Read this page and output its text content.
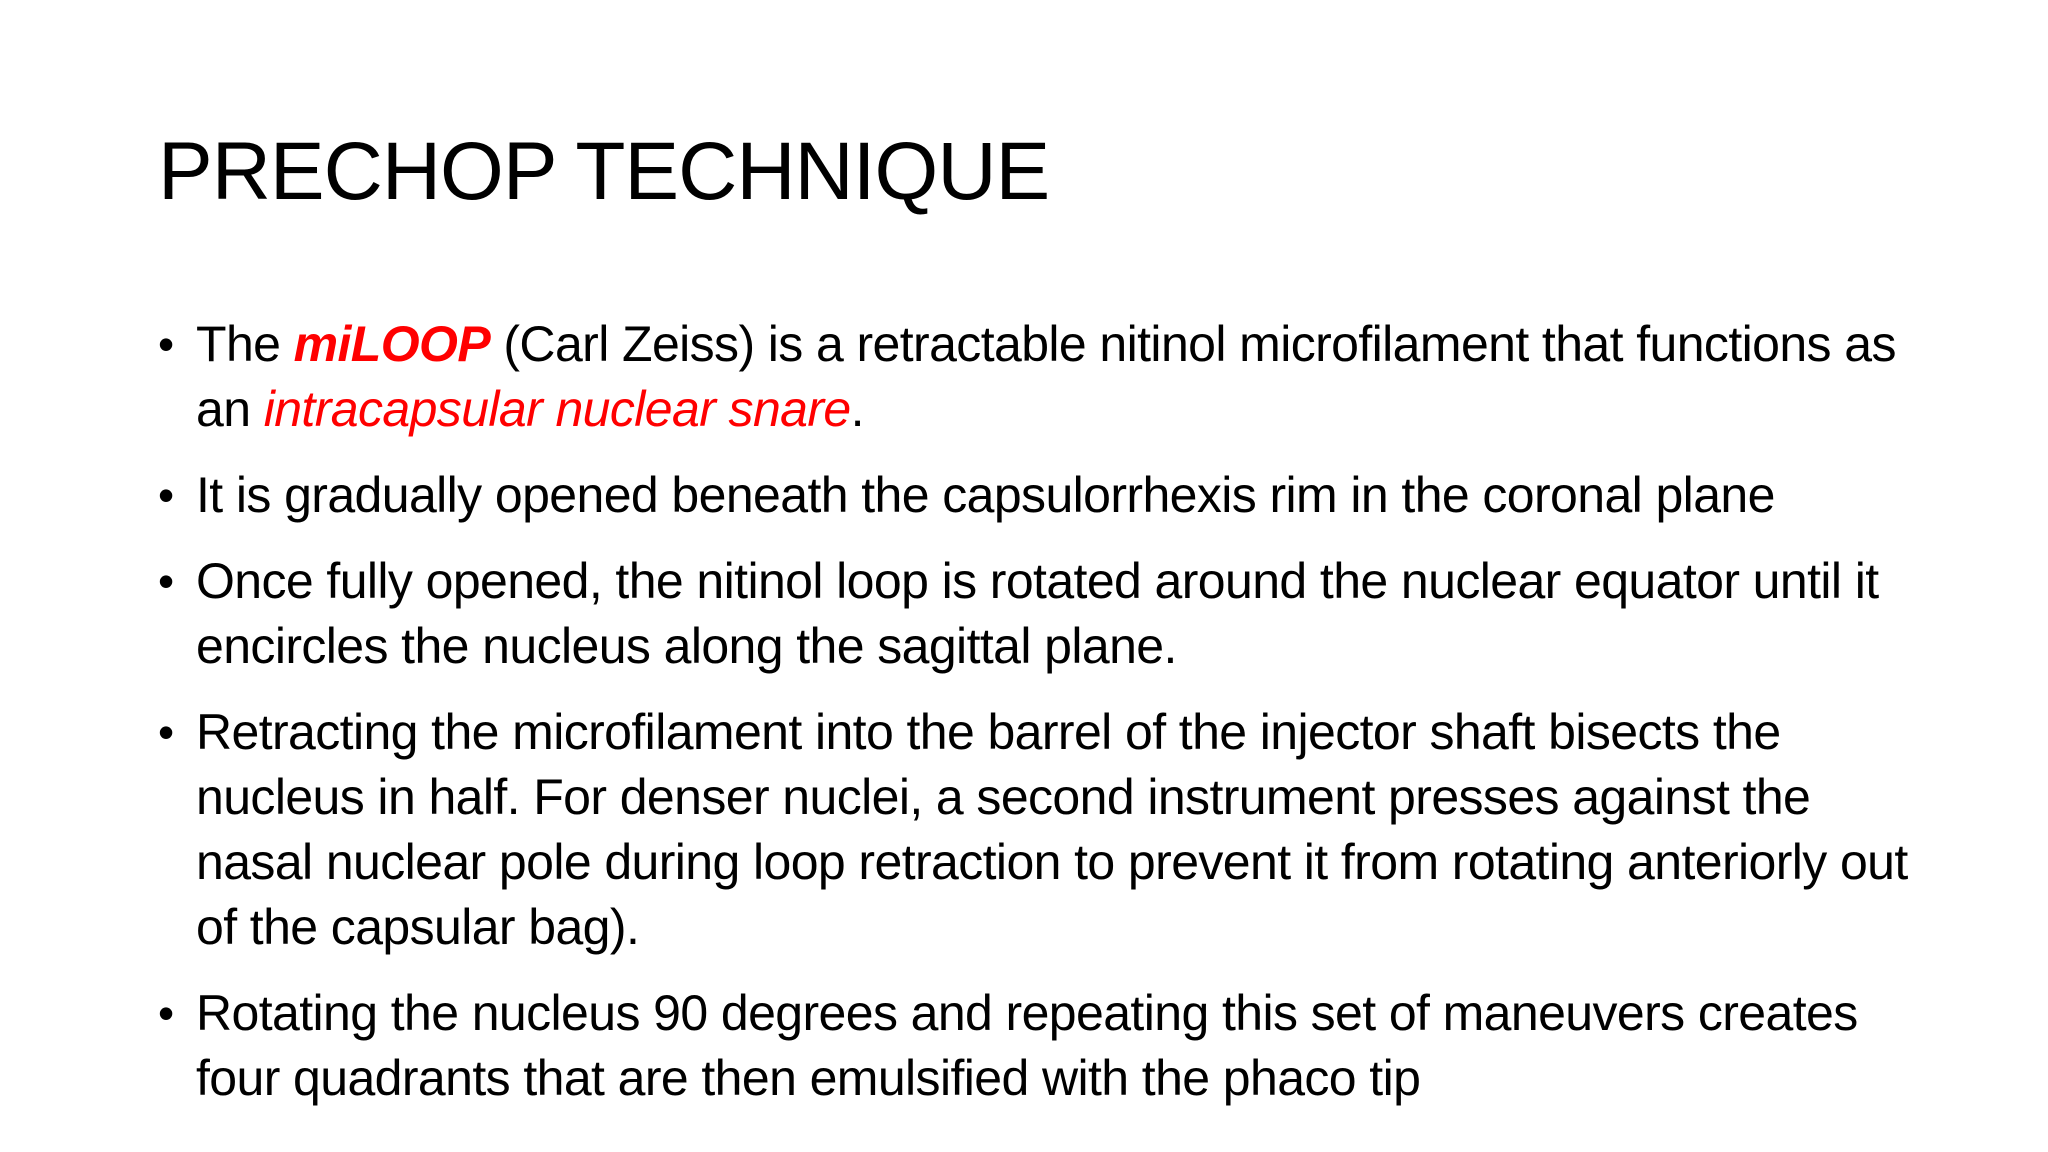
PRECHOP TECHNIQUE
• The miLOOP (Carl Zeiss) is a retractable nitinol microfilament that functions as an intracapsular nuclear snare.
• It is gradually opened beneath the capsulorrhexis rim in the coronal plane
• Once fully opened, the nitinol loop is rotated around the nuclear equator until it encircles the nucleus along the sagittal plane.
• Retracting the microfilament into the barrel of the injector shaft bisects the nucleus in half. For denser nuclei, a second instrument presses against the nasal nuclear pole during loop retraction to prevent it from rotating anteriorly out of the capsular bag).
• Rotating the nucleus 90 degrees and repeating this set of maneuvers creates four quadrants that are then emulsified with the phaco tip
